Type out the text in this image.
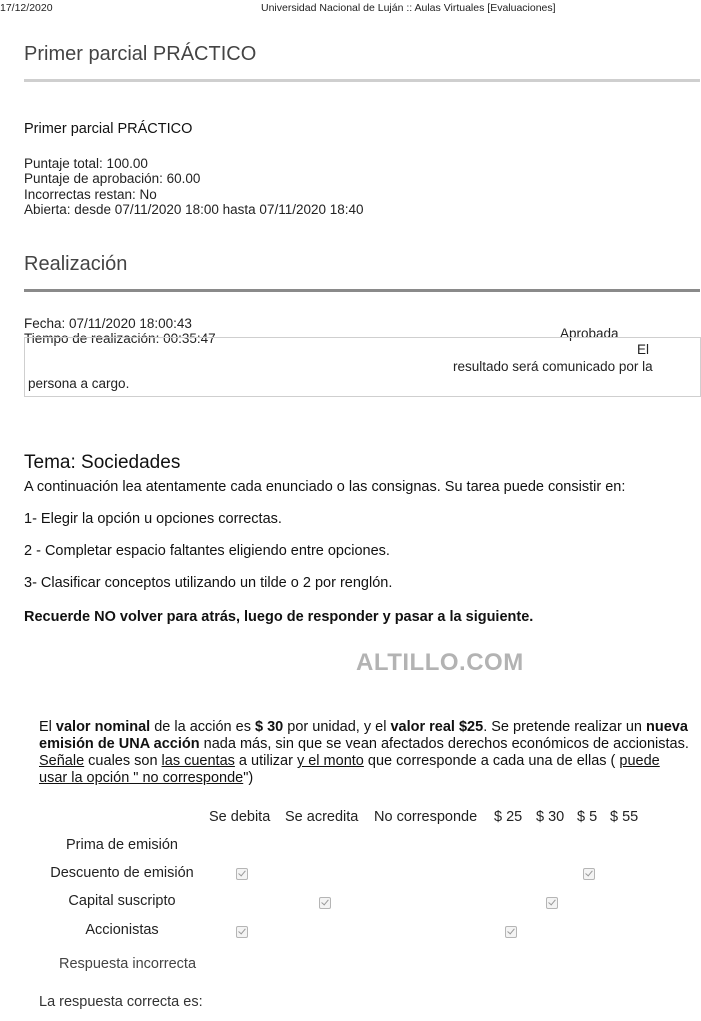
17/12/2020	Universidad Nacional de Luján :: Aulas Virtuales [Evaluaciones]
Primer parcial PRÁCTICO
Primer parcial PRÁCTICO
Puntaje total: 100.00
Puntaje de aprobación: 60.00
Incorrectas restan: No
Abierta: desde 07/11/2020 18:00 hasta 07/11/2020 18:40
Realización
Fecha: 07/11/2020 18:00:43
Tiempo de realización: 00:35:47	Aprobada
El
resultado será comunicado por la
persona a cargo.
Tema: Sociedades
A continuación lea atentamente cada enunciado o las consignas. Su tarea puede consistir en:
1- Elegir la opción u opciones correctas.
2 - Completar espacio faltantes eligiendo entre opciones.
3- Clasificar conceptos utilizando un tilde o 2 por renglón.
Recuerde NO volver para atrás, luego de responder y pasar a la siguiente.
ALTILLO.COM
El valor nominal de la acción es $ 30 por unidad, y el valor real $25. Se pretende realizar un nueva emisión de UNA acción nada más, sin que se vean afectados derechos económicos de accionistas. Señale cuales son las cuentas a utilizar y el monto que corresponde a cada una de ellas ( puede usar la opción " no corresponde")
Se debita Se acredita No corresponde $ 25 $ 30 $ 5 $ 55
Prima de emisión
Descuento de emisión
Capital suscripto
Accionistas
Respuesta incorrecta
La respuesta correcta es:
